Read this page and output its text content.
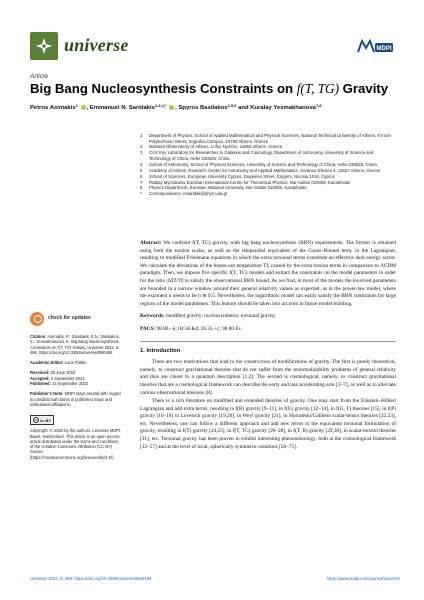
universe	MDPI
Article
Big Bang Nucleosynthesis Constraints on f(T, TG) Gravity
Petros Asimakis$^1$ , Emmanuel N. Saridakis$^{2,3,4,*}$ , Spyros Basilakos$^{2,5,6}$ and Kuralay Yesmakhanova$^{7,8}$
1	Department of Physics, School of Applied Mathematical and Physical Sciences, National Technical University of Athens, 9 Iroon Polytechniou Street, Zografou Campus, 15780 Athens, Greece
2	National Observatory of Athens, Lofos Nymfon, 11852 Athens, Greece
3	CAS Key Laboratory for Researches in Galaxies and Cosmology, Department of Astronomy, University of Science and Technology of China, Hefei 230026, China
4	School of Astronomy, School of Physical Sciences, University of Science and Technology of China, Hefei 230026, China
5	Academy of Athens, Research Center for Astronomy and Applied Mathematics, Soranou Efesiou 4, 11527 Athens, Greece
6	School of Sciences, European University Cyprus, Diogenes Street, Engomi, Nicosia 1516, Cyprus
7	Ratbay Myrzakulov Eurasian International Centre for Theoretical Physics, Nur-Sultan 010009, Kazakhstan
8	Physics Department, Eurasian National University, Nur-Sultan 010008, Kazakhstan
*	Correspondence: msaridak@phys.uoa.gr

Abstract: We confront f(T, TG) gravity, with big bang nucleosynthesis (BBN) requirements. The former is obtained using both the torsion scalar, as well as the teleparallel equivalent of the Gauss–Bonnet term, in the Lagrangian, resulting to modified Friedmann equations in which the extra torsional terms constitute an effective dark energy sector. We calculate the deviations of the freeze-out temperature Tf, caused by the extra torsion terms in comparison to ΛCDM paradigm. Then, we impose five specific f(T, TG) models and extract the constraints on the model parameters in order for the ratio |ΔTf/Tf| to satisfy the observational BBN bound. As we find, in most of the models the involved parameters are bounded in a narrow window around their general relativity values as expected, as in the power-law model, where the exponent n needs to be n ≲ 0.5. Nevertheless, the logarithmic model can easily satisfy the BBN constraints for large regions of the model parameters. This feature should be taken into account in future model building.

Keywords: modified gravity; nucleosynthesis; torsional gravity

PACS: 98.80.−k; 04.50.Kd; 26.35.+c; 98.80.Es

1. Introduction

There are two motivations that lead to the construction of modifications of gravity. The first is purely theoretical, namely, to construct gravitational theories that do not suffer from the renormalizability problems of general relativity and thus are closer to a quantum description [1,2]. The second is cosmological, namely, to construct gravitational theories that are a cosmological framework can describe the early and late accelerating eras [3–7], as well as to alleviate various observational tensions [8].

There is a rich literature on modified and extended theories of gravity. One may start from the Einstein–Hilbert Lagrangian and add extra terms, resulting in f(R) gravity [9–11], in f(G) gravity [12–14], in f(G, T) theories [15], in f(P) gravity [16–18] in Lovelock gravity [19,20], in Weyl gravity [21], in Horndeski/Galileon scalar-tensor theories [22,23], etc. Nevertheless, one can follow a different approach and add new terms to the equivalent torsional formulation of gravity, resulting in f(T) gravity [24,25], in f(T, TG) gravity [26–28], in f(T, B) gravity [29,30], in scalar-torsion theories [31], etc. Torsional gravity has been proven to exhibit interesting phenomenology, both at the cosmological framework [32–57] and at the level of local, spherically symmetric solutions [58–75].

check for updates
Citation: Asimakis, P.; Saridakis, E.N.; Basilakos, S.; Yesmakhanova, K. Big Bang Nucleosynthesis Constraints on f(T, TG) Gravity. Universe 2022, 8, 486. https://doi.org/10.3390/universe8090486
Academic Editor: Luca Fabbri
Received: 25 June 2022
Accepted: 2 September 2022
Published: 14 September 2022
Publisher's Note: MDPI stays neutral with regard to jurisdictional claims in published maps and institutional affiliations.
cc cc BY
Copyright: © 2022 by the authors. Licensee MDPI, Basel, Switzerland. This article is an open access article distributed under the terms and conditions of the Creative Commons Attribution (CC BY) license (https://creativecommons.org/licenses/by/4.0/).
Universe 2022, 8, 486. https://doi.org/10.3390/universe8090486	https://www.mdpi.com/journal/universe
